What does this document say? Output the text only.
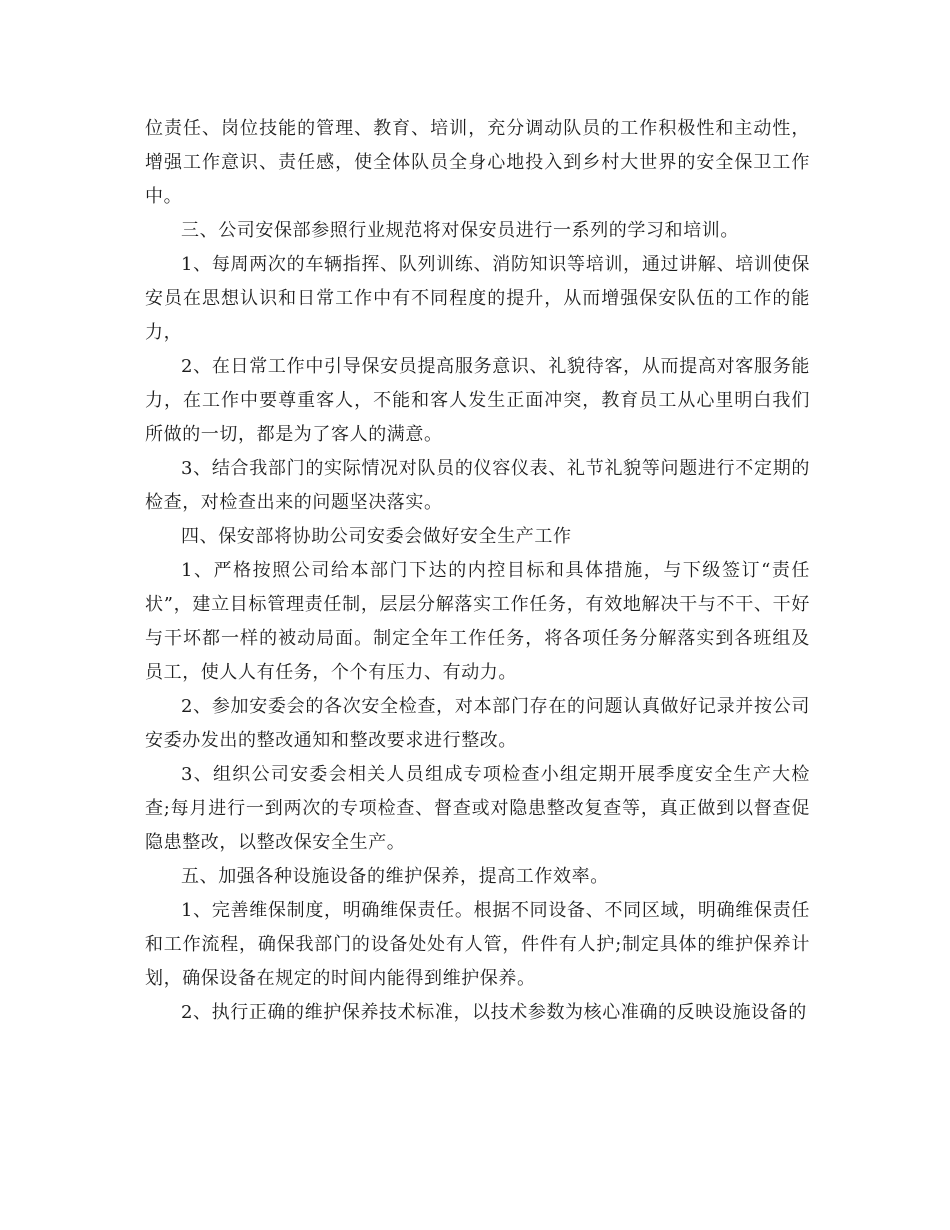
位责任、岗位技能的管理、教育、培训，充分调动队员的工作积极性和主动性，增强工作意识、责任感，使全体队员全身心地投入到乡村大世界的安全保卫工作中。

三、公司安保部参照行业规范将对保安员进行一系列的学习和培训。

1、每周两次的车辆指挥、队列训练、消防知识等培训，通过讲解、培训使保安员在思想认识和日常工作中有不同程度的提升，从而增强保安队伍的工作的能力，

2、在日常工作中引导保安员提高服务意识、礼貌待客，从而提高对客服务能力，在工作中要尊重客人，不能和客人发生正面冲突，教育员工从心里明白我们所做的一切，都是为了客人的满意。

3、结合我部门的实际情况对队员的仪容仪表、礼节礼貌等问题进行不定期的检查，对检查出来的问题坚决落实。

四、保安部将协助公司安委会做好安全生产工作

1、严格按照公司给本部门下达的内控目标和具体措施，与下级签订“责任状”，建立目标管理责任制，层层分解落实工作任务，有效地解决干与不干、干好与干坏都一样的被动局面。制定全年工作任务，将各项任务分解落实到各班组及员工，使人人有任务，个个有压力、有动力。

2、参加安委会的各次安全检查，对本部门存在的问题认真做好记录并按公司安委办发出的整改通知和整改要求进行整改。

3、组织公司安委会相关人员组成专项检查小组定期开展季度安全生产大检查;每月进行一到两次的专项检查、督查或对隐患整改复查等，真正做到以督查促隐患整改，以整改保安全生产。

五、加强各种设施设备的维护保养，提高工作效率。

1、完善维保制度，明确维保责任。根据不同设备、不同区域，明确维保责任和工作流程，确保我部门的设备处处有人管，件件有人护;制定具体的维护保养计划，确保设备在规定的时间内能得到维护保养。

2、执行正确的维护保养技术标准，以技术参数为核心准确的反映设施设备的
